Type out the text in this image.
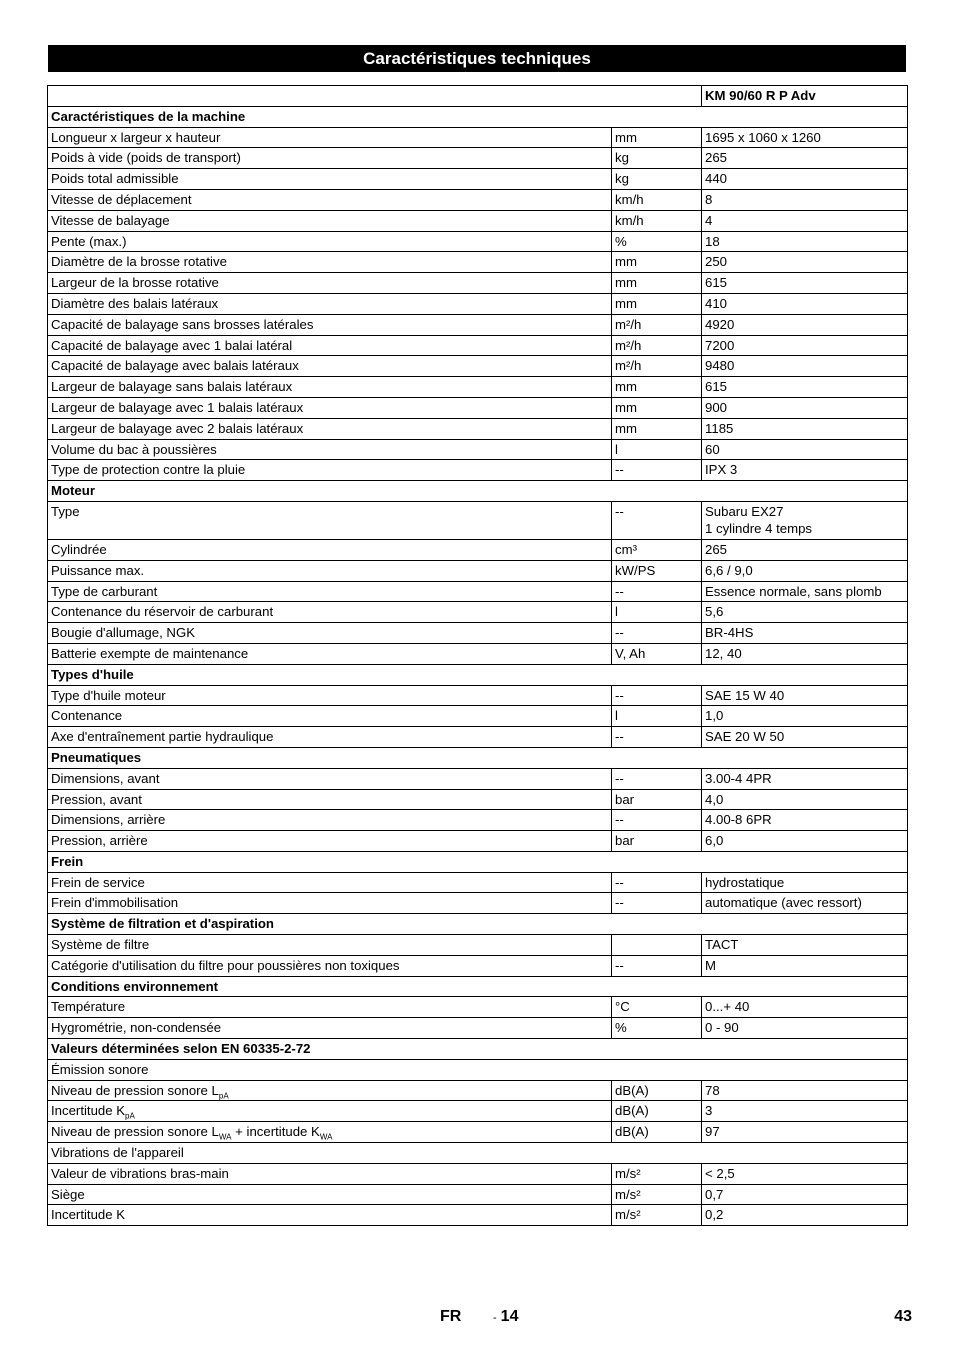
Caractéristiques techniques
		KM 90/60 R P Adv
Caractéristiques de la machine		
Longueur x largeur x hauteur	mm	1695 x 1060 x 1260
Poids à vide (poids de transport)	kg	265
Poids total admissible	kg	440
Vitesse de déplacement	km/h	8
Vitesse de balayage	km/h	4
Pente (max.)	%	18
Diamètre de la brosse rotative	mm	250
Largeur de la brosse rotative	mm	615
Diamètre des balais latéraux	mm	410
Capacité de balayage sans brosses latérales	m²/h	4920
Capacité de balayage avec 1 balai latéral	m²/h	7200
Capacité de balayage avec balais latéraux	m²/h	9480
Largeur de balayage sans balais latéraux	mm	615
Largeur de balayage avec 1 balais latéraux	mm	900
Largeur de balayage avec 2 balais latéraux	mm	1185
Volume du bac à poussières	l	60
Type de protection contre la pluie	--	IPX 3
Moteur		
Type	--	Subaru EX27
1 cylindre 4 temps
Cylindrée	cm³	265
Puissance max.	kW/PS	6,6 / 9,0
Type de carburant	--	Essence normale, sans plomb
Contenance du réservoir de carburant	l	5,6
Bougie d'allumage, NGK	--	BR-4HS
Batterie exempte de maintenance	V, Ah	12, 40
Types d'huile		
Type d'huile moteur	--	SAE 15 W 40
Contenance	l	1,0
Axe d'entraînement partie hydraulique	--	SAE 20 W 50
Pneumatiques		
Dimensions, avant	--	3.00-4 4PR
Pression, avant	bar	4,0
Dimensions, arrière	--	4.00-8 6PR
Pression, arrière	bar	6,0
Frein		
Frein de service	--	hydrostatique
Frein d'immobilisation	--	automatique (avec ressort)
Système de filtration et d'aspiration		
Système de filtre		TACT
Catégorie d'utilisation du filtre pour poussières non toxiques	--	M
Conditions environnement		
Température	°C	0...+ 40
Hygrométrie, non-condensée	%	0 - 90
Valeurs déterminées selon EN 60335-2-72		
Émission sonore		
Niveau de pression sonore $L_{pA}$	dB(A)	78
Incertitude $K_{pA}$	dB(A)	3
Niveau de pression sonore $L_{WA}$ + incertitude $K_{WA}$	dB(A)	97
Vibrations de l'appareil		
Valeur de vibrations bras-main	m/s²	< 2,5
Siège	m/s²	0,7
Incertitude K	m/s²	0,2
FR	- 14	43
